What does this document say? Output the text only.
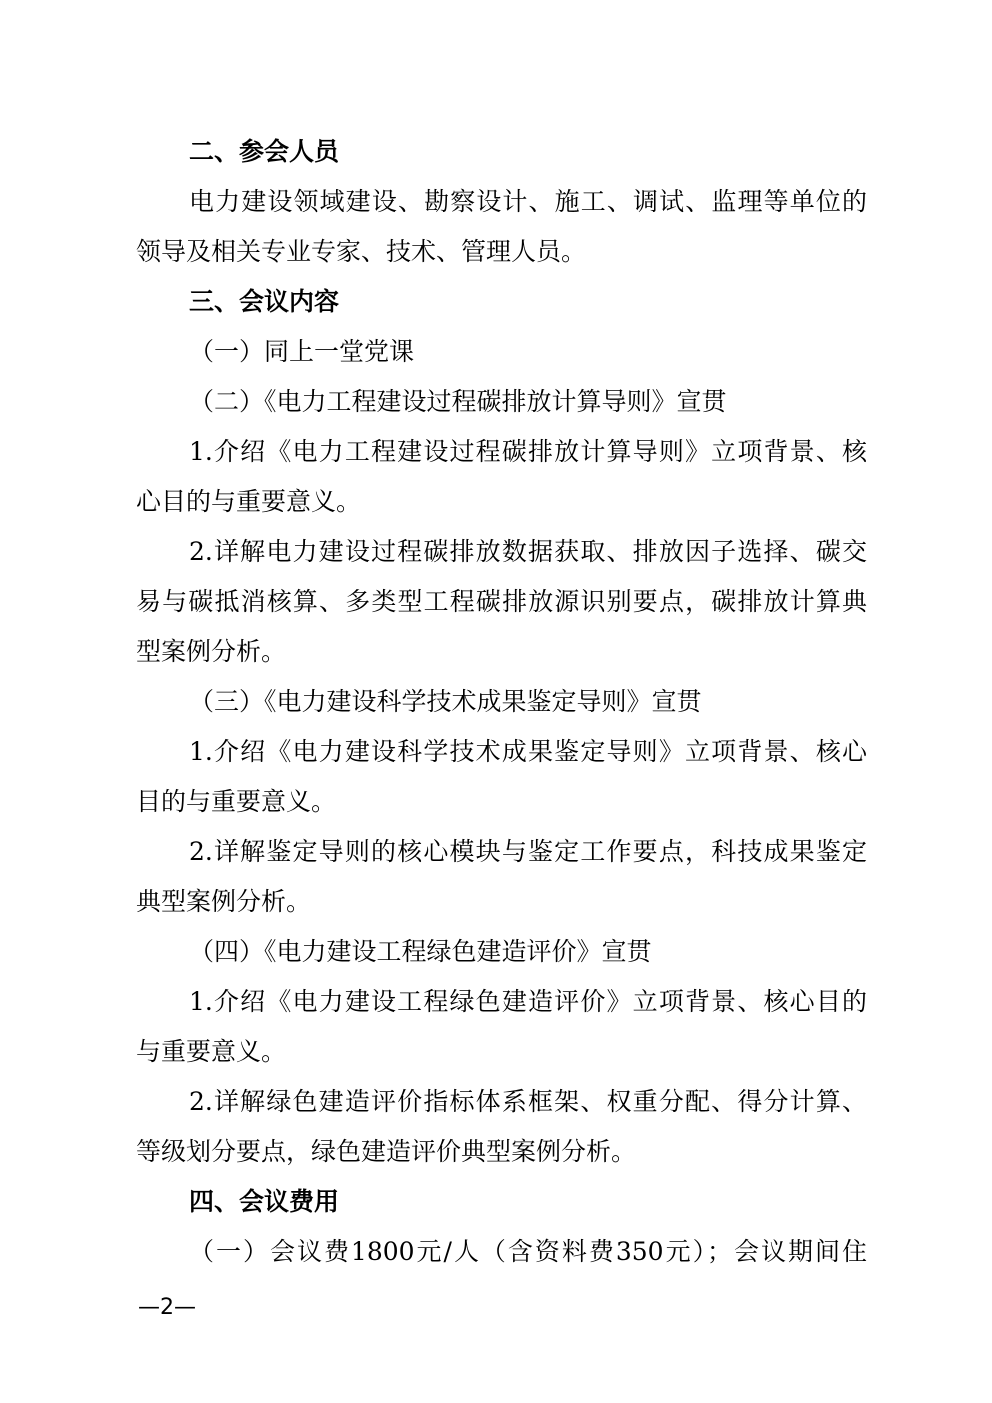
二、参会人员
电力建设领域建设、勘察设计、施工、调试、监理等单位的
领导及相关专业专家、技术、管理人员。
三、会议内容
（一）同上一堂党课
（二）《电力工程建设过程碳排放计算导则》宣贯
1.介绍《电力工程建设过程碳排放计算导则》立项背景、核
心目的与重要意义。
2.详解电力建设过程碳排放数据获取、排放因子选择、碳交
易与碳抵消核算、多类型工程碳排放源识别要点，碳排放计算典
型案例分析。
（三）《电力建设科学技术成果鉴定导则》宣贯
1.介绍《电力建设科学技术成果鉴定导则》立项背景、核心
目的与重要意义。
2.详解鉴定导则的核心模块与鉴定工作要点，科技成果鉴定
典型案例分析。
（四）《电力建设工程绿色建造评价》宣贯
1.介绍《电力建设工程绿色建造评价》立项背景、核心目的
与重要意义。
2.详解绿色建造评价指标体系框架、权重分配、得分计算、
等级划分要点，绿色建造评价典型案例分析。
四、会议费用
（一）会议费1800元/人（含资料费350元）；会议期间住
—2—
